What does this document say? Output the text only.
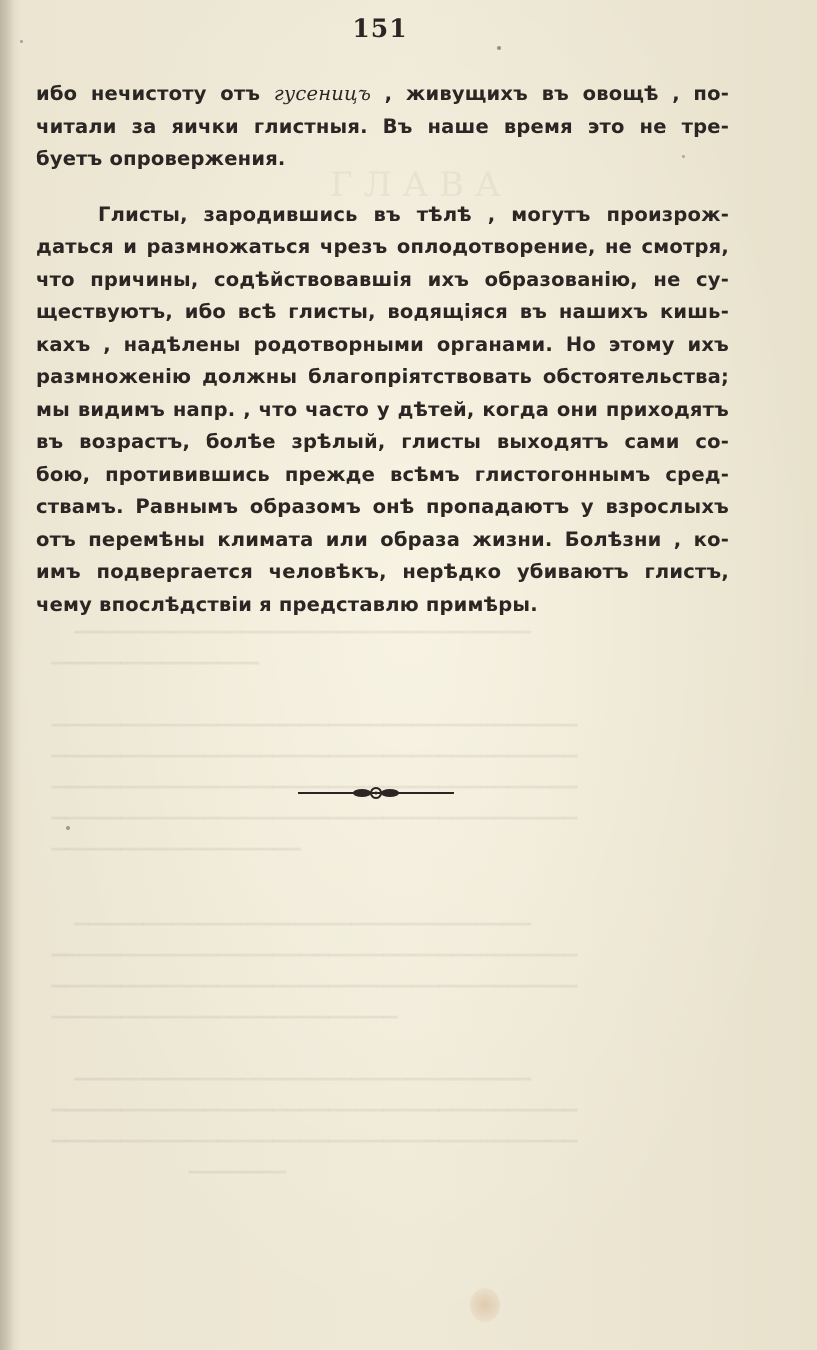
Г Л А В А
▁▁▁▁▁▁▁▁▁▁▁▁▁▁▁▁▁▁▁▁▁▁▁▁▁▁▁▁▁▁▁▁▁
▁▁▁▁▁▁▁▁▁▁▁▁▁▁▁

▁▁▁▁▁▁▁▁▁▁▁▁▁▁▁▁▁▁▁▁▁▁▁▁▁▁▁▁▁▁▁▁▁▁▁▁▁▁
▁▁▁▁▁▁▁▁▁▁▁▁▁▁▁▁▁▁▁▁▁▁▁▁▁▁▁▁▁▁▁▁▁▁▁▁▁▁
▁▁▁▁▁▁▁▁▁▁▁▁▁▁▁▁▁▁▁▁▁▁▁▁▁▁▁▁▁▁▁▁▁▁▁▁▁▁
▁▁▁▁▁▁▁▁▁▁▁▁▁▁▁▁▁▁▁▁▁▁▁▁▁▁▁▁▁▁▁▁▁▁▁▁▁▁
▁▁▁▁▁▁▁▁▁▁▁▁▁▁▁▁▁▁
▁▁▁▁▁▁▁▁▁▁▁▁▁▁▁▁▁▁▁▁▁▁▁▁▁▁▁▁▁▁▁▁▁
▁▁▁▁▁▁▁▁▁▁▁▁▁▁▁▁▁▁▁▁▁▁▁▁▁▁▁▁▁▁▁▁▁▁▁▁▁▁
▁▁▁▁▁▁▁▁▁▁▁▁▁▁▁▁▁▁▁▁▁▁▁▁▁▁▁▁▁▁▁▁▁▁▁▁▁▁
▁▁▁▁▁▁▁▁▁▁▁▁▁▁▁▁▁▁▁▁▁▁▁▁▁

▁▁▁▁▁▁▁▁▁▁▁▁▁▁▁▁▁▁▁▁▁▁▁▁▁▁▁▁▁▁▁▁▁
▁▁▁▁▁▁▁▁▁▁▁▁▁▁▁▁▁▁▁▁▁▁▁▁▁▁▁▁▁▁▁▁▁▁▁▁▁▁
▁▁▁▁▁▁▁▁▁▁▁▁▁▁▁▁▁▁▁▁▁▁▁▁▁▁▁▁▁▁▁▁▁▁▁▁▁▁
▁▁▁▁▁▁▁
151
ибо нечистоту отъ гусеницъ , живущихъ въ овощѣ , по-
читали за яички глистныя. Въ наше время это не тре-
буетъ опровержения.
Глисты, зародившись въ тѣлѣ , могутъ произрож-
даться и размножаться чрезъ оплодотворение, не смотря,
что причины, содѣйствовавшія ихъ образованію, не су-
ществуютъ, ибо всѣ глисты, водящіяся въ нашихъ кишь-
кахъ , надѣлены родотворными органами. Но этому ихъ
размноженію должны благопріятствовать обстоятельства;
мы видимъ напр. , что часто у дѣтей, когда они приходятъ
въ возрастъ, болѣе зрѣлый, глисты выходятъ сами со-
бою, противившись прежде всѣмъ глистогоннымъ сред-
ствамъ. Равнымъ образомъ онѣ пропадаютъ у взрослыхъ
отъ перемѣны климата или образа жизни. Болѣзни , ко-
имъ подвергается человѣкъ, нерѣдко убиваютъ глистъ,
чему впослѣдствіи я представлю примѣры.
